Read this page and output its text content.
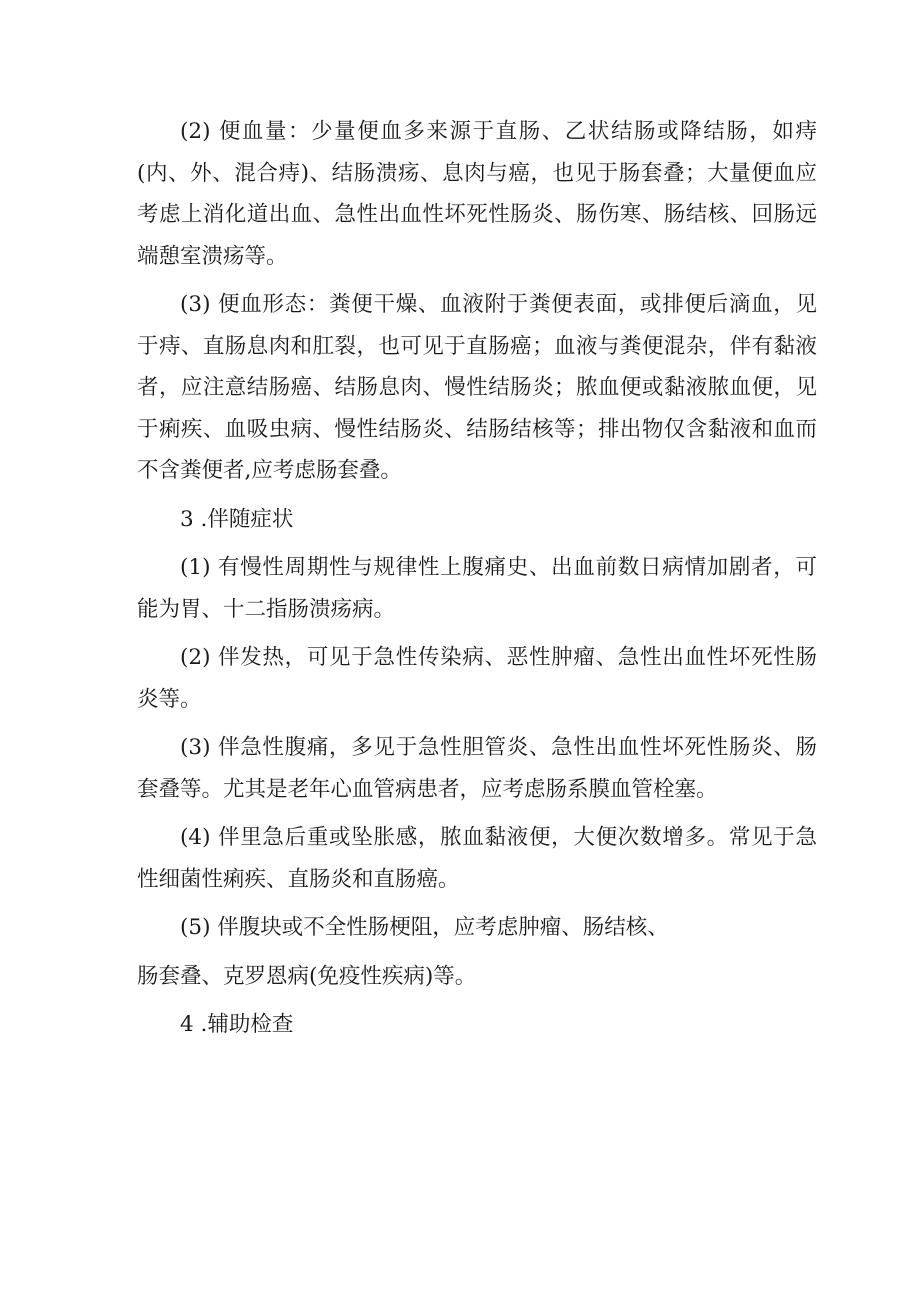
(2) 便血量：少量便血多来源于直肠、乙状结肠或降结肠，如痔(内、外、混合痔)、结肠溃疡、息肉与癌，也见于肠套叠；大量便血应考虑上消化道出血、急性出血性坏死性肠炎、肠伤寒、肠结核、回肠远端憩室溃疡等。

(3) 便血形态：粪便干燥、血液附于粪便表面，或排便后滴血，见于痔、直肠息肉和肛裂，也可见于直肠癌；血液与粪便混杂，伴有黏液者，应注意结肠癌、结肠息肉、慢性结肠炎；脓血便或黏液脓血便，见于痢疾、血吸虫病、慢性结肠炎、结肠结核等；排出物仅含黏液和血而不含粪便者,应考虑肠套叠。

3 .伴随症状

(1) 有慢性周期性与规律性上腹痛史、出血前数日病情加剧者，可能为胃、十二指肠溃疡病。

(2) 伴发热，可见于急性传染病、恶性肿瘤、急性出血性坏死性肠炎等。

(3) 伴急性腹痛，多见于急性胆管炎、急性出血性坏死性肠炎、肠套叠等。尤其是老年心血管病患者，应考虑肠系膜血管栓塞。

(4) 伴里急后重或坠胀感，脓血黏液便，大便次数增多。常见于急性细菌性痢疾、直肠炎和直肠癌。

(5) 伴腹块或不全性肠梗阻，应考虑肿瘤、肠结核、

肠套叠、克罗恩病(免疫性疾病)等。

4 .辅助检查
